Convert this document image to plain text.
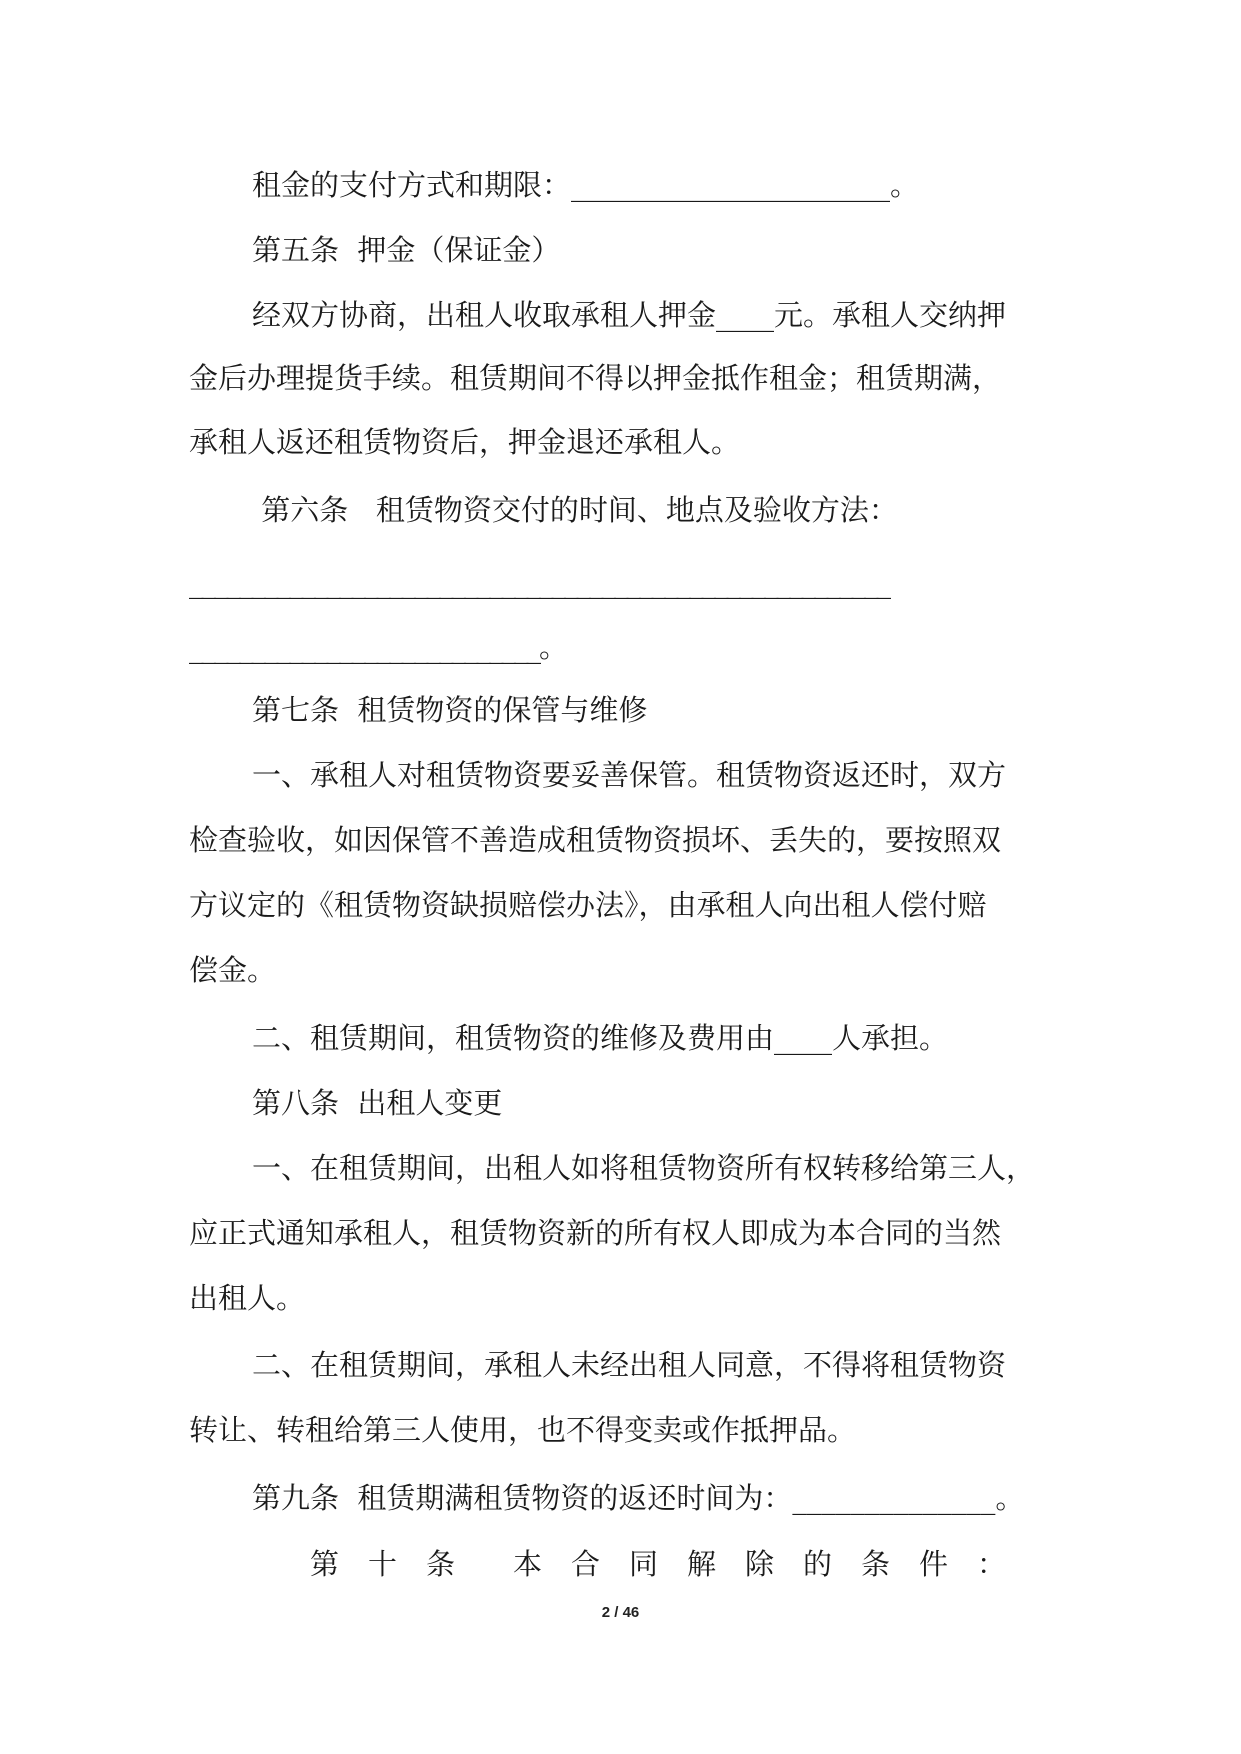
租金的支付方式和期限：______________________。
第五条  押金（保证金）
经双方协商，出租人收取承租人押金____元。承租人交纳押
金后办理提货手续。租赁期间不得以押金抵作租金；租赁期满，
承租人返还租赁物资后，押金退还承租人。
第六条   租赁物资交付的时间、地点及验收方法：
________________________________________________________
____________________________。
第七条  租赁物资的保管与维修
一、承租人对租赁物资要妥善保管。租赁物资返还时，双方
检查验收，如因保管不善造成租赁物资损坏、丢失的，要按照双
方议定的《租赁物资缺损赔偿办法》，由承租人向出租人偿付赔
偿金。
二、租赁期间，租赁物资的维修及费用由____人承担。
第八条  出租人变更
一、在租赁期间，出租人如将租赁物资所有权转移给第三人，
应正式通知承租人，租赁物资新的所有权人即成为本合同的当然
出租人。
二、在租赁期间，承租人未经出租人同意，不得将租赁物资
转让、转租给第三人使用，也不得变卖或作抵押品。
第九条  租赁期满租赁物资的返还时间为：______________。
第　十　条　　本　合　同　解　除　的　条　件　：
2 / 46
